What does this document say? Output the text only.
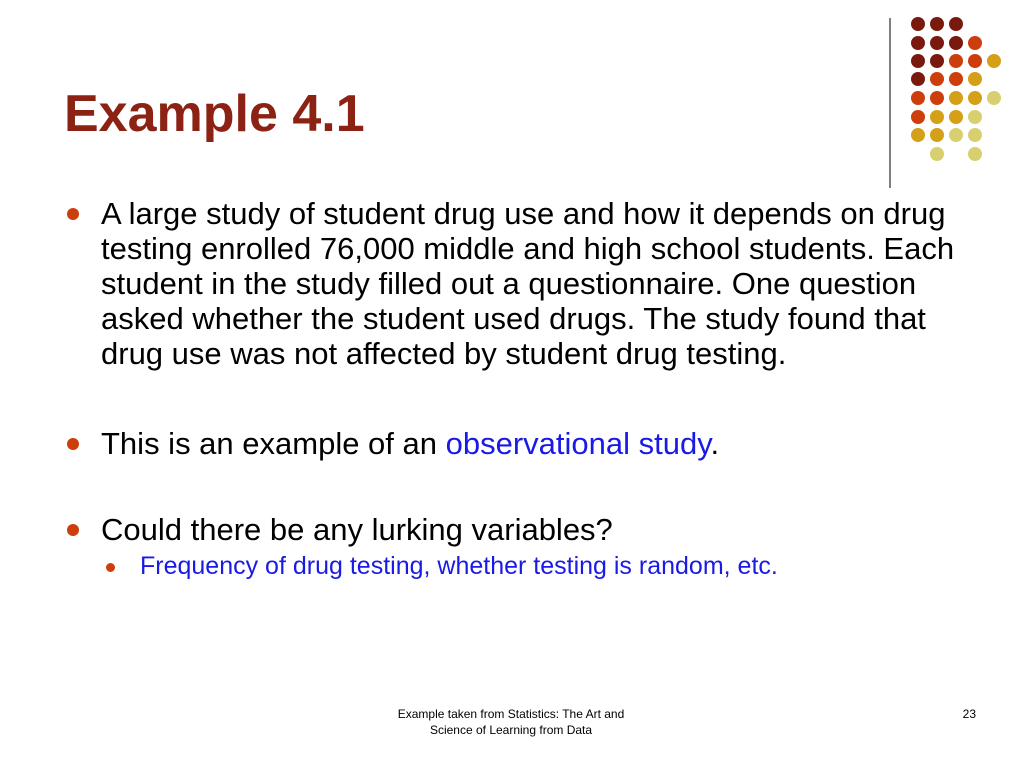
Example 4.1
A large study of student drug use and how it depends on drug testing enrolled 76,000 middle and high school students. Each student in the study filled out a questionnaire. One question asked whether the student used drugs. The study found that drug use was not affected by student drug testing.
This is an example of an observational study.
Could there be any lurking variables?
Frequency of drug testing, whether testing is random, etc.
Example taken from Statistics: The Art and
Science of Learning from Data
23
